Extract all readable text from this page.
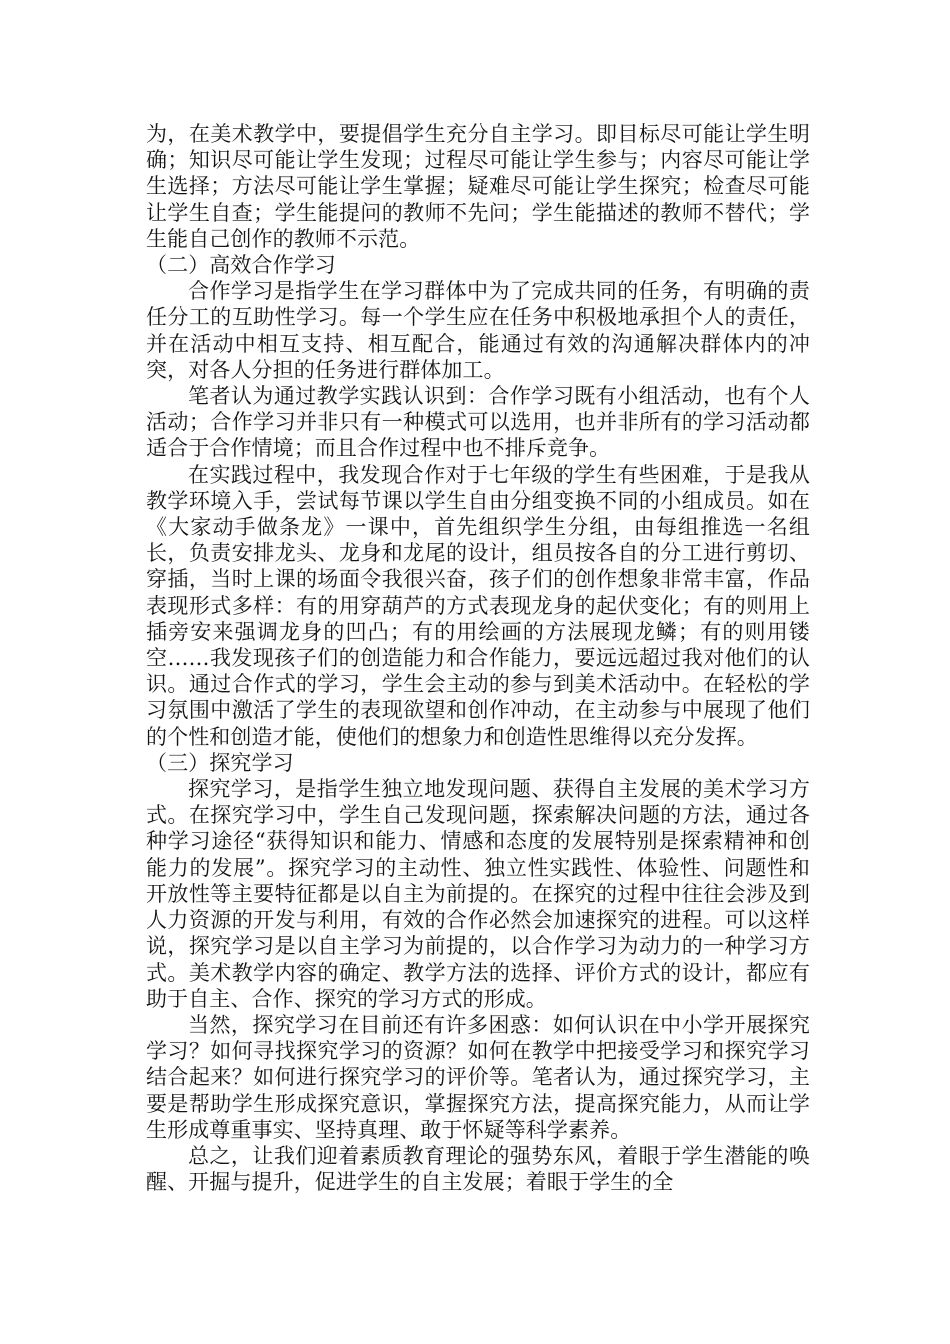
为，在美术教学中，要提倡学生充分自主学习。即目标尽可能让学生明确；知识尽可能让学生发现；过程尽可能让学生参与；内容尽可能让学生选择；方法尽可能让学生掌握；疑难尽可能让学生探究；检查尽可能让学生自查；学生能提问的教师不先问；学生能描述的教师不替代；学生能自己创作的教师不示范。

（二）高效合作学习

合作学习是指学生在学习群体中为了完成共同的任务，有明确的责任分工的互助性学习。每一个学生应在任务中积极地承担个人的责任，并在活动中相互支持、相互配合，能通过有效的沟通解决群体内的冲突，对各人分担的任务进行群体加工。

笔者认为通过教学实践认识到：合作学习既有小组活动，也有个人活动；合作学习并非只有一种模式可以选用，也并非所有的学习活动都适合于合作情境；而且合作过程中也不排斥竞争。

在实践过程中，我发现合作对于七年级的学生有些困难，于是我从教学环境入手，尝试每节课以学生自由分组变换不同的小组成员。如在《大家动手做条龙》一课中，首先组织学生分组，由每组推选一名组长，负责安排龙头、龙身和龙尾的设计，组员按各自的分工进行剪切、穿插，当时上课的场面令我很兴奋，孩子们的创作想象非常丰富，作品表现形式多样：有的用穿葫芦的方式表现龙身的起伏变化；有的则用上插旁安来强调龙身的凹凸；有的用绘画的方法展现龙鳞；有的则用镂空……我发现孩子们的创造能力和合作能力，要远远超过我对他们的认识。通过合作式的学习，学生会主动的参与到美术活动中。在轻松的学习氛围中激活了学生的表现欲望和创作冲动，在主动参与中展现了他们的个性和创造才能，使他们的想象力和创造性思维得以充分发挥。

（三）探究学习

探究学习，是指学生独立地发现问题、获得自主发展的美术学习方式。在探究学习中，学生自己发现问题，探索解决问题的方法，通过各种学习途径“获得知识和能力、情感和态度的发展特别是探索精神和创能力的发展”。探究学习的主动性、独立性实践性、体验性、问题性和开放性等主要特征都是以自主为前提的。在探究的过程中往往会涉及到人力资源的开发与利用，有效的合作必然会加速探究的进程。可以这样说，探究学习是以自主学习为前提的，以合作学习为动力的一种学习方式。美术教学内容的确定、教学方法的选择、评价方式的设计，都应有助于自主、合作、探究的学习方式的形成。

当然，探究学习在目前还有许多困惑：如何认识在中小学开展探究学习？如何寻找探究学习的资源？如何在教学中把接受学习和探究学习结合起来？如何进行探究学习的评价等。笔者认为，通过探究学习，主要是帮助学生形成探究意识，掌握探究方法，提高探究能力，从而让学生形成尊重事实、坚持真理、敢于怀疑等科学素养。

总之，让我们迎着素质教育理论的强势东风，着眼于学生潜能的唤醒、开掘与提升，促进学生的自主发展；着眼于学生的全
